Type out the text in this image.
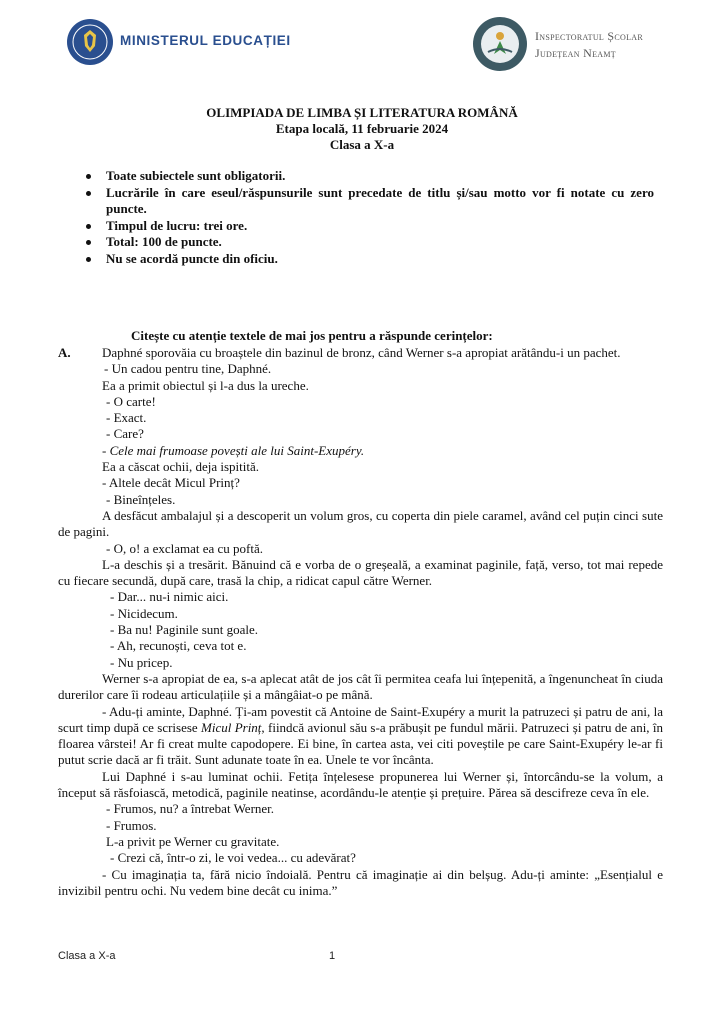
MINISTERUL EDUCAȚIEI	Inspectoratul Școlar
Județean Neamț
OLIMPIADA DE LIMBA ȘI LITERATURA ROMÂNĂ
Etapa locală, 11 februarie 2024
Clasa a X-a
Toate subiectele sunt obligatorii.
Lucrările în care eseul/răspunsurile sunt precedate de titlu și/sau motto vor fi notate cu zero puncte.
Timpul de lucru: trei ore.
Total: 100 de puncte.
Nu se acordă puncte din oficiu.
Citește cu atenție textele de mai jos pentru a răspunde cerințelor:
A.	Daphné sporovăia cu broaștele din bazinul de bronz, când Werner s-a apropiat arătându-i un pachet.

- Un cadou pentru tine, Daphné.

Ea a primit obiectul și l-a dus la ureche.

- O carte!

- Exact.

- Care?

- Cele mai frumoase povești ale lui Saint-Exupéry.

Ea a căscat ochii, deja ispitită.

- Altele decât Micul Prinț?

- Bineînțeles.

A desfăcut ambalajul și a descoperit un volum gros, cu coperta din piele caramel, având cel puțin cinci sute de pagini.

- O, o! a exclamat ea cu poftă.

L-a deschis și a tresărit. Bănuind că e vorba de o greșeală, a examinat paginile, față, verso, tot mai repede cu fiecare secundă, după care, trasă la chip, a ridicat capul către Werner.

- Dar... nu-i nimic aici.

- Nicidecum.

- Ba nu! Paginile sunt goale.

- Ah, recunoști, ceva tot e.

- Nu pricep.

Werner s-a apropiat de ea, s-a aplecat atât de jos cât îi permitea ceafa lui înțepenită, a îngenuncheat în ciuda durerilor care îi rodeau articulațiile și a mângâiat-o pe mână.

- Adu-ți aminte, Daphné. Ți-am povestit că Antoine de Saint-Exupéry a murit la patruzeci și patru de ani, la scurt timp după ce scrisese Micul Prinț, fiindcă avionul său s-a prăbușit pe fundul mării. Patruzeci și patru de ani, în floarea vârstei! Ar fi creat multe capodopere. Ei bine, în cartea asta, vei citi poveștile pe care Saint-Exupéry le-ar fi putut scrie dacă ar fi trăit. Sunt adunate toate în ea. Unele te vor încânta.

Lui Daphné i s-au luminat ochii. Fetița înțelesese propunerea lui Werner și, întorcându-se la volum, a început să răsfoiască, metodică, paginile neatinse, acordându-le atenție și prețuire. Părea să descifreze ceva în ele.

- Frumos, nu? a întrebat Werner.

- Frumos.

L-a privit pe Werner cu gravitate.

- Crezi că, într-o zi, le voi vedea... cu adevărat?

- Cu imaginația ta, fără nicio îndoială. Pentru că imaginație ai din belșug. Adu-ți aminte: „Esențialul e invizibil pentru ochi. Nu vedem bine decât cu inima.”

Clasa a X-a	1
